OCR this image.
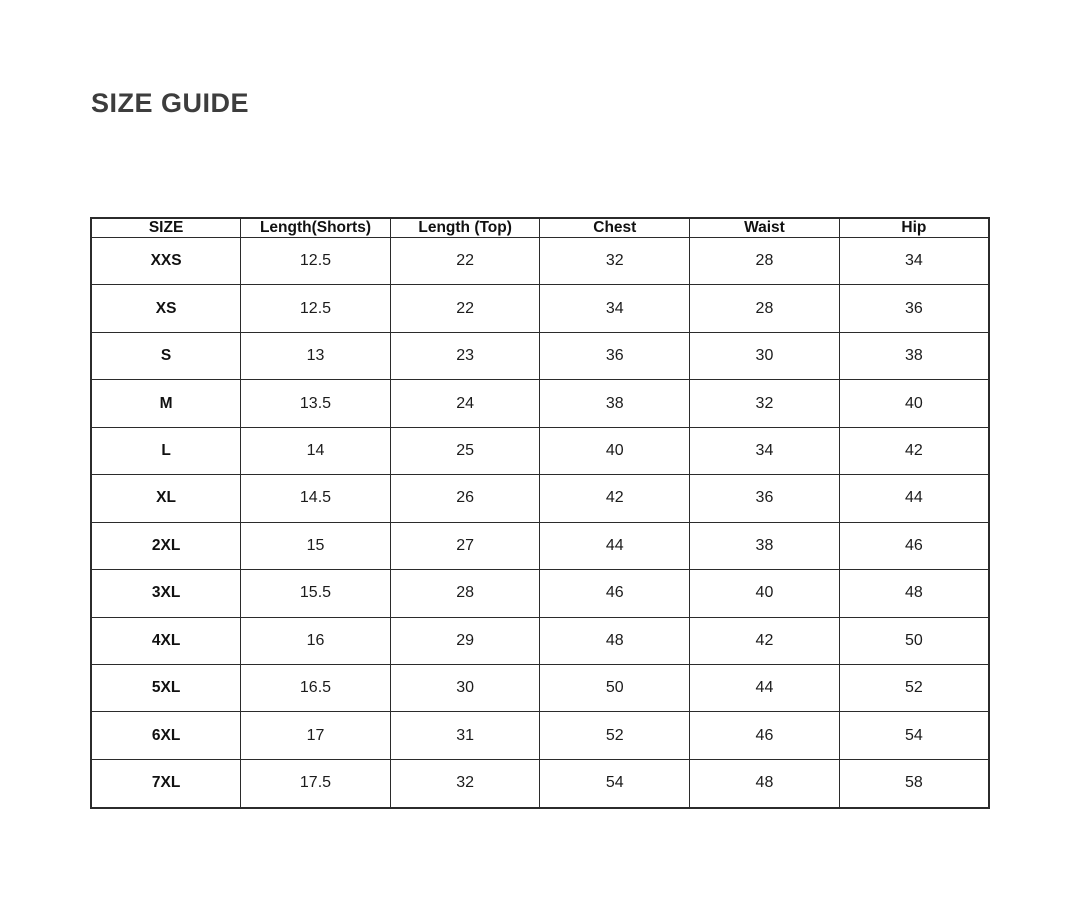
SIZE GUIDE
SIZE	Length(Shorts)	Length (Top)	Chest	Waist	Hip
XXS	12.5	22	32	28	34
XS	12.5	22	34	28	36
S	13	23	36	30	38
M	13.5	24	38	32	40
L	14	25	40	34	42
XL	14.5	26	42	36	44
2XL	15	27	44	38	46
3XL	15.5	28	46	40	48
4XL	16	29	48	42	50
5XL	16.5	30	50	44	52
6XL	17	31	52	46	54
7XL	17.5	32	54	48	58
